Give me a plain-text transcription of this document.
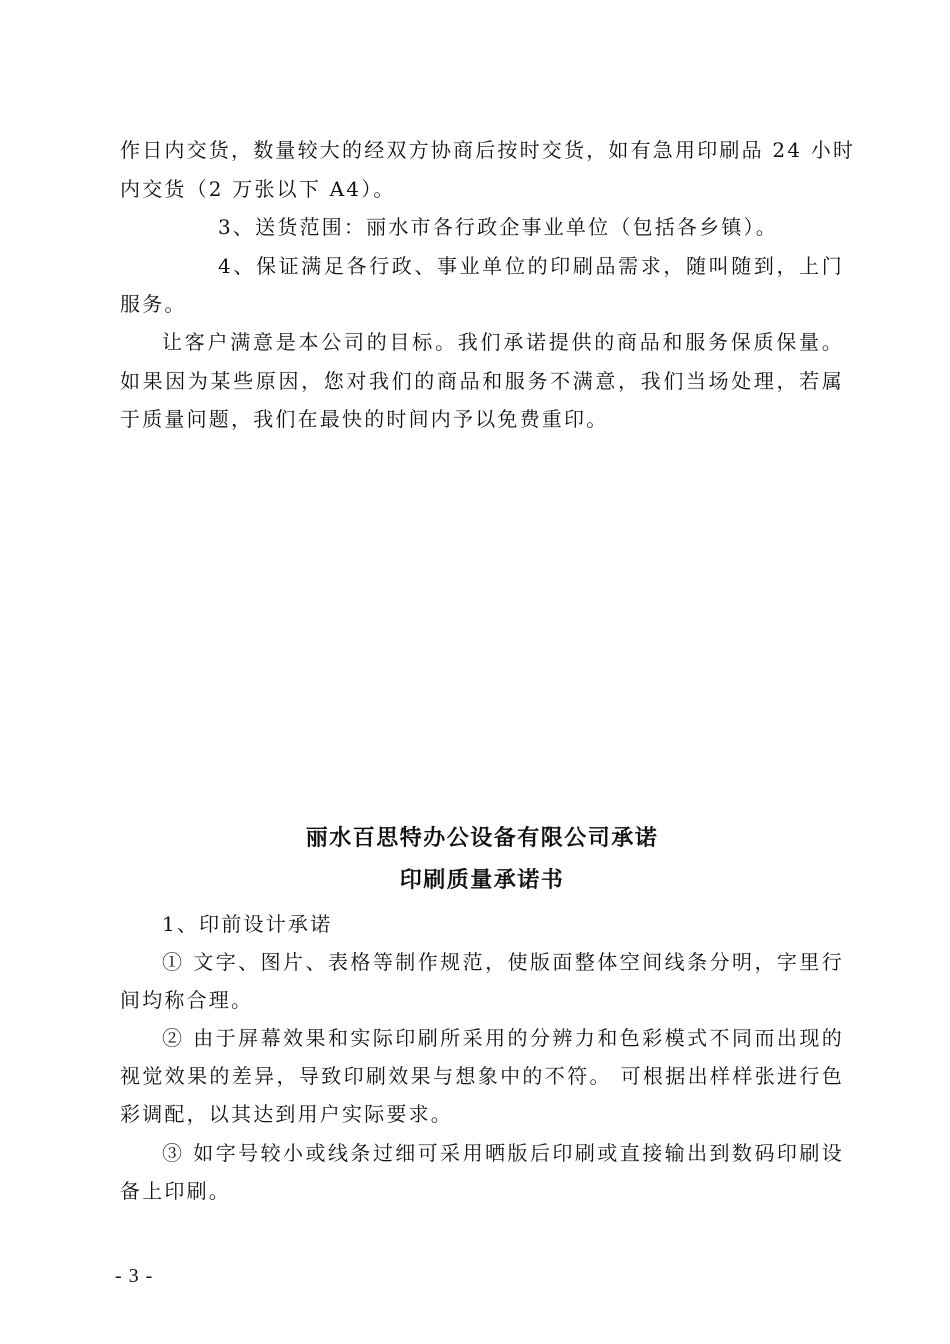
作日内交货，数量较大的经双方协商后按时交货，如有急用印刷品 24 小时
内交货（2 万张以下 A4）。
3、送货范围：丽水市各行政企事业单位（包括各乡镇）。
4、保证满足各行政、事业单位的印刷品需求，随叫随到，上门
服务。
让客户满意是本公司的目标。我们承诺提供的商品和服务保质保量。
如果因为某些原因，您对我们的商品和服务不满意，我们当场处理，若属
于质量问题，我们在最快的时间内予以免费重印。
丽水百思特办公设备有限公司承诺
印刷质量承诺书
1、印前设计承诺
① 文字、图片、表格等制作规范，使版面整体空间线条分明，字里行
间均称合理。
② 由于屏幕效果和实际印刷所采用的分辨力和色彩模式不同而出现的
视觉效果的差异，导致印刷效果与想象中的不符。 可根据出样样张进行色
彩调配，以其达到用户实际要求。
③ 如字号较小或线条过细可采用晒版后印刷或直接输出到数码印刷设
备上印刷。
- 3 -
